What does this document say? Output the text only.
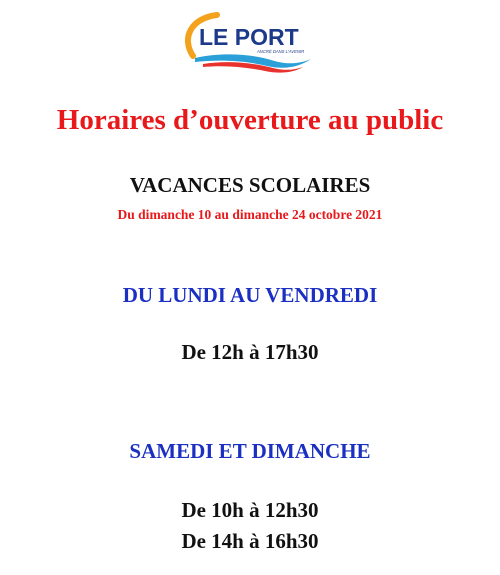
LE PORT
ANCRÉ DANS L'AVENIR
Horaires d’ouverture au public

VACANCES SCOLAIRES

Du dimanche 10 au dimanche 24 octobre 2021

DU LUNDI AU VENDREDI

De 12h à 17h30

SAMEDI ET DIMANCHE

De 10h à 12h30

De 14h à 16h30
